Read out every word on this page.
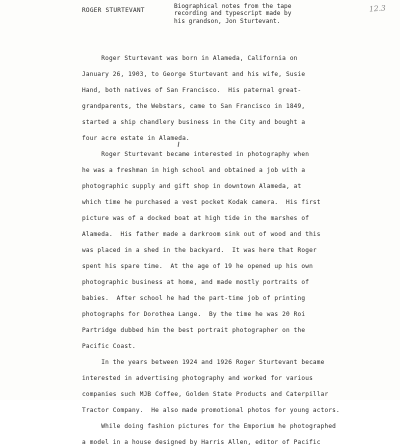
ROGER STURTEVANT
Biographical notes from the tape
recording and typescript made by
his grandson, Jon Sturtevant.
12.3
Roger Sturtevant was born in Alameda, California on
January 26, 1903, to George Sturtevant and his wife, Susie
Hand, both natives of San Francisco.  His paternal great-
grandparents, the Webstars, came to San Francisco in 1849,
started a ship chandlery business in the City and bought a
four acre estate in Alameda.
Roger Sturtevant became interested in photography when
he was a freshman in high school and obtained a job with a
photographic supply and gift shop in downtown Alameda, at
which time he purchased a vest pocket Kodak camera.  His first
picture was of a docked boat at high tide in the marshes of
Alameda.  His father made a darkroom sink out of wood and this
was placed in a shed in the backyard.  It was here that Roger
spent his spare time.  At the age of 19 he opened up his own
photographic business at home, and made mostly portraits of
babies.  After school he had the part-time job of printing
photographs for Dorothea Lange.  By the time he was 20 Roi
Partridge dubbed him the best portrait photographer on the
Pacific Coast.
In the years between 1924 and 1926 Roger Sturtevant became
interested in advertising photography and worked for various
companies such MJB Coffee, Golden State Products and Caterpillar
Tractor Company.  He also made promotional photos for young actors.
While doing fashion pictures for the Emporium he photographed
a model in a house designed by Harris Allen, editor of Pacific
